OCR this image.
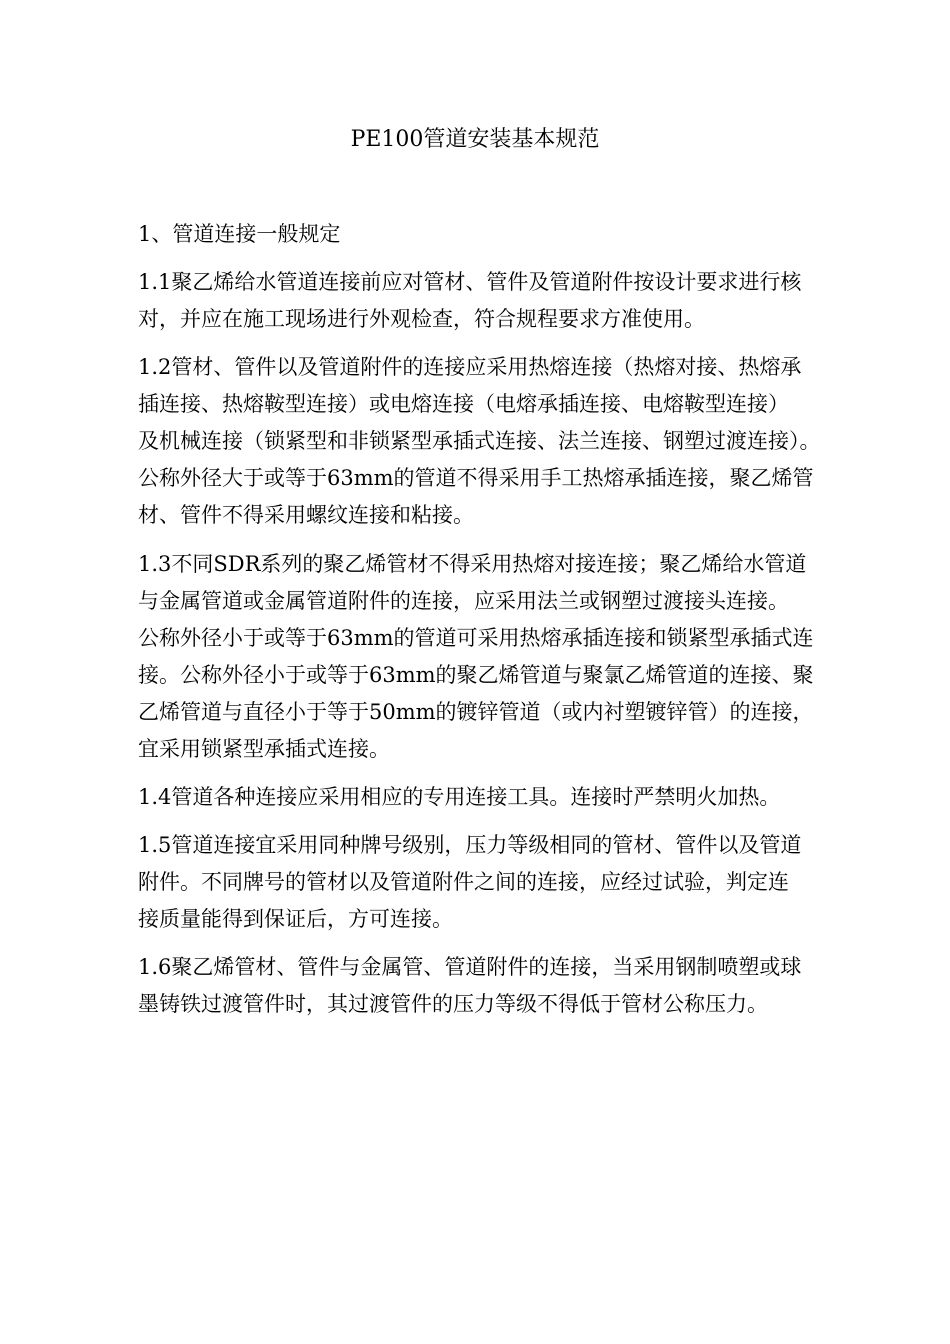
PE100管道安装基本规范
1、管道连接一般规定
1.1聚乙烯给水管道连接前应对管材、管件及管道附件按设计要求进行核
对，并应在施工现场进行外观检查，符合规程要求方准使用。
1.2管材、管件以及管道附件的连接应采用热熔连接（热熔对接、热熔承
插连接、热熔鞍型连接）或电熔连接（电熔承插连接、电熔鞍型连接）
及机械连接（锁紧型和非锁紧型承插式连接、法兰连接、钢塑过渡连接）。
公称外径大于或等于63mm的管道不得采用手工热熔承插连接，聚乙烯管
材、管件不得采用螺纹连接和粘接。
1.3不同SDR系列的聚乙烯管材不得采用热熔对接连接；聚乙烯给水管道
与金属管道或金属管道附件的连接，应采用法兰或钢塑过渡接头连接。
公称外径小于或等于63mm的管道可采用热熔承插连接和锁紧型承插式连
接。公称外径小于或等于63mm的聚乙烯管道与聚氯乙烯管道的连接、聚
乙烯管道与直径小于等于50mm的镀锌管道（或内衬塑镀锌管）的连接，
宜采用锁紧型承插式连接。
1.4管道各种连接应采用相应的专用连接工具。连接时严禁明火加热。
1.5管道连接宜采用同种牌号级别，压力等级相同的管材、管件以及管道
附件。不同牌号的管材以及管道附件之间的连接，应经过试验，判定连
接质量能得到保证后，方可连接。
1.6聚乙烯管材、管件与金属管、管道附件的连接，当采用钢制喷塑或球
墨铸铁过渡管件时，其过渡管件的压力等级不得低于管材公称压力。
